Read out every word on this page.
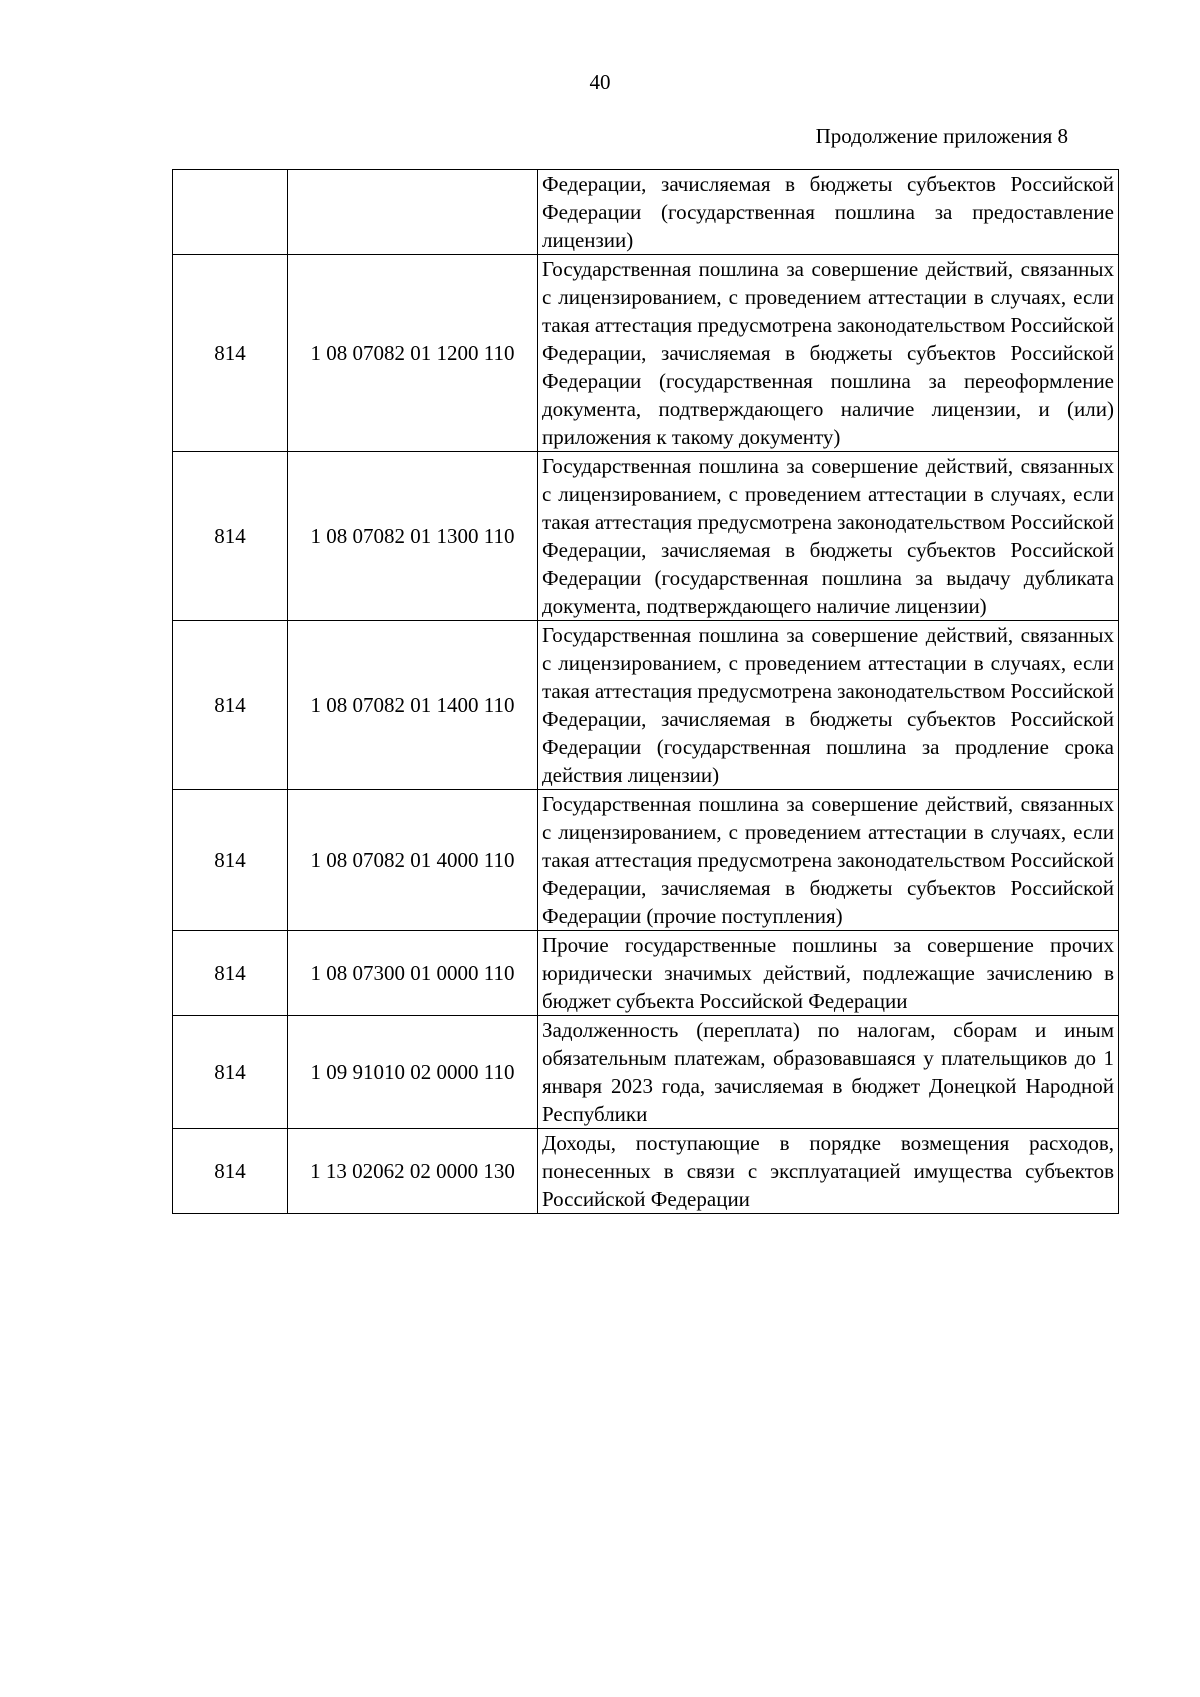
40
Продолжение приложения 8
		Федерации, зачисляемая в бюджеты субъектов Российской Федерации (государственная пошлина за предоставление лицензии)
814	1 08 07082 01 1200 110	Государственная пошлина за совершение действий, связанных с лицензированием, с проведением аттестации в случаях, если такая аттестация предусмотрена законодательством Российской Федерации, зачисляемая в бюджеты субъектов Российской Федерации (государственная пошлина за переоформление документа, подтверждающего наличие лицензии, и (или) приложения к такому документу)
814	1 08 07082 01 1300 110	Государственная пошлина за совершение действий, связанных с лицензированием, с проведением аттестации в случаях, если такая аттестация предусмотрена законодательством Российской Федерации, зачисляемая в бюджеты субъектов Российской Федерации (государственная пошлина за выдачу дубликата документа, подтверждающего наличие лицензии)
814	1 08 07082 01 1400 110	Государственная пошлина за совершение действий, связанных с лицензированием, с проведением аттестации в случаях, если такая аттестация предусмотрена законодательством Российской Федерации, зачисляемая в бюджеты субъектов Российской Федерации (государственная пошлина за продление срока действия лицензии)
814	1 08 07082 01 4000 110	Государственная пошлина за совершение действий, связанных с лицензированием, с проведением аттестации в случаях, если такая аттестация предусмотрена законодательством Российской Федерации, зачисляемая в бюджеты субъектов Российской Федерации (прочие поступления)
814	1 08 07300 01 0000 110	Прочие государственные пошлины за совершение прочих юридически значимых действий, подлежащие зачислению в бюджет субъекта Российской Федерации
814	1 09 91010 02 0000 110	Задолженность (переплата) по налогам, сборам и иным обязательным платежам, образовавшаяся у плательщиков до 1 января 2023 года, зачисляемая в бюджет Донецкой Народной Республики
814	1 13 02062 02 0000 130	Доходы, поступающие в порядке возмещения расходов, понесенных в связи с эксплуатацией имущества субъектов Российской Федерации
